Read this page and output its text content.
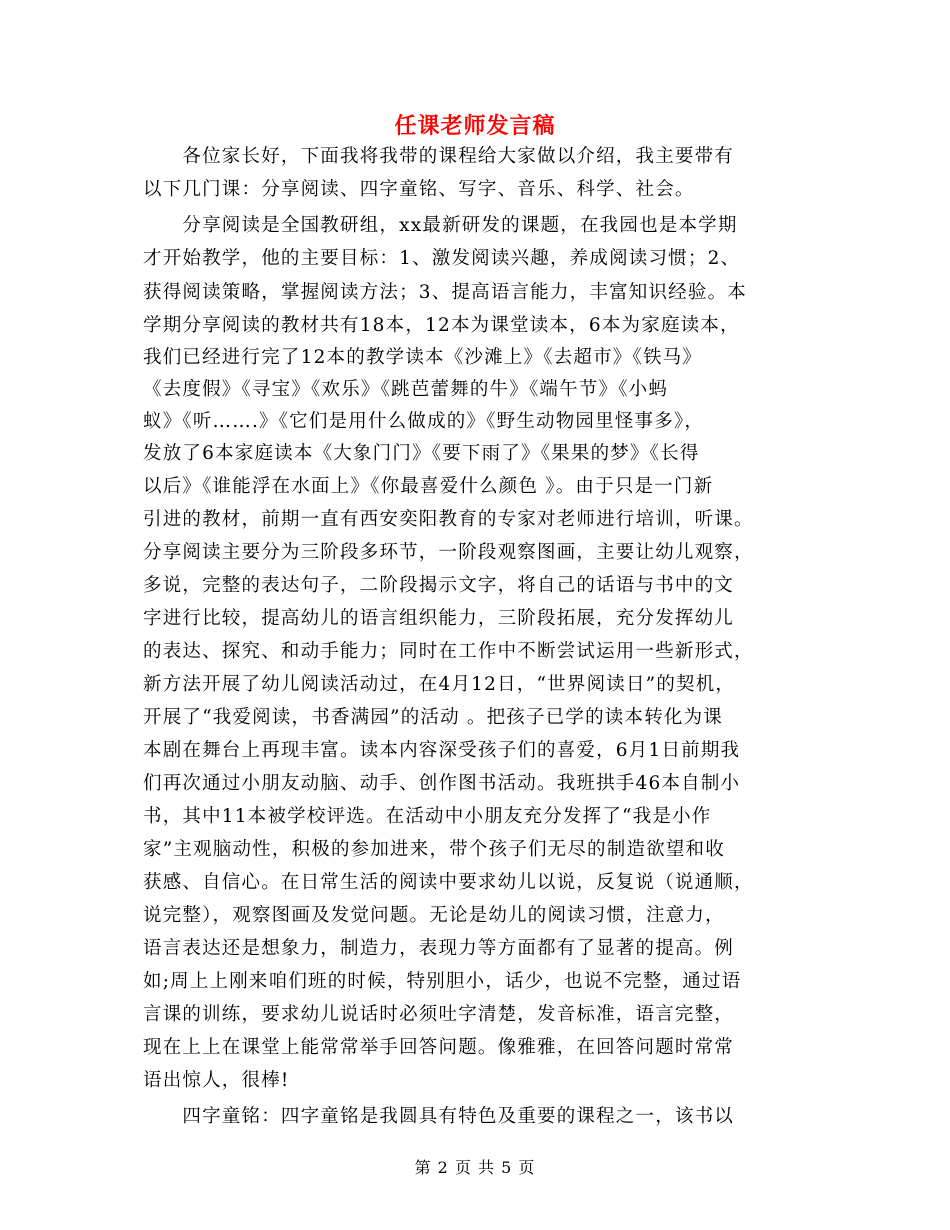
任课老师发言稿
　　各位家长好，下面我将我带的课程给大家做以介绍，我主要带有
以下几门课：分享阅读、四字童铭、写字、音乐、科学、社会。
　　分享阅读是全国教研组，xx最新研发的课题，在我园也是本学期
才开始教学，他的主要目标：1、激发阅读兴趣，养成阅读习惯；2、
获得阅读策略，掌握阅读方法；3、提高语言能力，丰富知识经验。本
学期分享阅读的教材共有18本，12本为课堂读本，6本为家庭读本，
我们已经进行完了12本的教学读本《沙滩上》《去超市》《铁马》
《去度假》《寻宝》《欢乐》《跳芭蕾舞的牛》《端午节》《小蚂
蚁》《听…….》《它们是用什么做成的》《野生动物园里怪事多》，
发放了6本家庭读本《大象门门》《要下雨了》《果果的梦》《长得
以后》《谁能浮在水面上》《你最喜爱什么颜色 》。由于只是一门新
引进的教材，前期一直有西安奕阳教育的专家对老师进行培训，听课。
分享阅读主要分为三阶段多环节，一阶段观察图画，主要让幼儿观察，
多说，完整的表达句子，二阶段揭示文字，将自己的话语与书中的文
字进行比较，提高幼儿的语言组织能力，三阶段拓展，充分发挥幼儿
的表达、探究、和动手能力；同时在工作中不断尝试运用一些新形式，
新方法开展了幼儿阅读活动过，在4月12日，“世界阅读日”的契机，
开展了“我爱阅读，书香满园”的活动 。把孩子已学的读本转化为课
本剧在舞台上再现丰富。读本内容深受孩子们的喜爱，6月1日前期我
们再次通过小朋友动脑、动手、创作图书活动。我班拱手46本自制小
书，其中11本被学校评选。在活动中小朋友充分发挥了“我是小作
家”主观脑动性，积极的参加进来，带个孩子们无尽的制造欲望和收
获感、自信心。在日常生活的阅读中要求幼儿以说，反复说（说通顺，
说完整），观察图画及发觉问题。无论是幼儿的阅读习惯，注意力，
语言表达还是想象力，制造力，表现力等方面都有了显著的提高。例
如;周上上刚来咱们班的时候，特别胆小，话少，也说不完整，通过语
言课的训练，要求幼儿说话时必须吐字清楚，发音标准，语言完整，
现在上上在课堂上能常常举手回答问题。像雅雅，在回答问题时常常
语出惊人，很棒!
　　四字童铭：四字童铭是我圆具有特色及重要的课程之一，该书以
第 2 页 共 5 页
